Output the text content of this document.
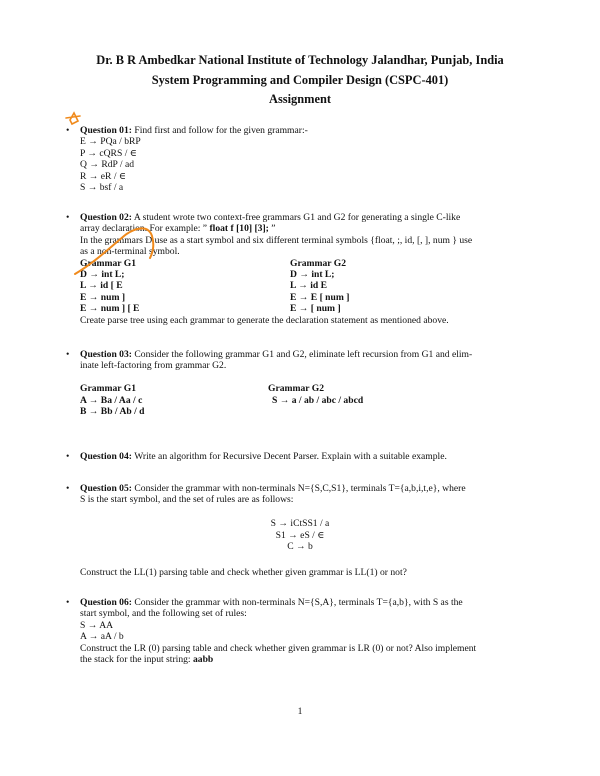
Dr. B R Ambedkar National Institute of Technology Jalandhar, Punjab, India
System Programming and Compiler Design (CSPC-401)
Assignment
• Question 01: Find first and follow for the given grammar:-
E → PQa / bRP
P → cQRS / ∈
Q → RdP / ad
R → eR / ∈
S → bsf / a
• Question 02: A student wrote two context-free grammars G1 and G2 for generating a single C-like
array declaration. For example: ” float f [10] [3]; ”
In the grammars D use as a start symbol and six different terminal symbols {float, ;, id, [, ], num } use
as a non-terminal symbol.
Grammar G1	Grammar G2
D → int L;	D → int L;
L → id [ E	L → id E
E → num ]	E → E [ num ]
E → num ] [ E	E → [ num ]
Create parse tree using each grammar to generate the declaration statement as mentioned above.
• Question 03: Consider the following grammar G1 and G2, eliminate left recursion from G1 and elim-
inate left-factoring from grammar G2.
Grammar G1	Grammar G2
A → Ba / Aa / c	S → a / ab / abc / abcd
B → Bb / Ab / d
• Question 04: Write an algorithm for Recursive Decent Parser. Explain with a suitable example.
• Question 05: Consider the grammar with non-terminals N={S,C,S1}, terminals T={a,b,i,t,e}, where
S is the start symbol, and the set of rules are as follows:
S → iCtSS1 / a
S1 → eS / ∈
C → b
Construct the LL(1) parsing table and check whether given grammar is LL(1) or not?
• Question 06: Consider the grammar with non-terminals N={S,A}, terminals T={a,b}, with S as the
start symbol, and the following set of rules:
S → AA
A → aA / b
Construct the LR (0) parsing table and check whether given grammar is LR (0) or not? Also implement
the stack for the input string: aabb
1
